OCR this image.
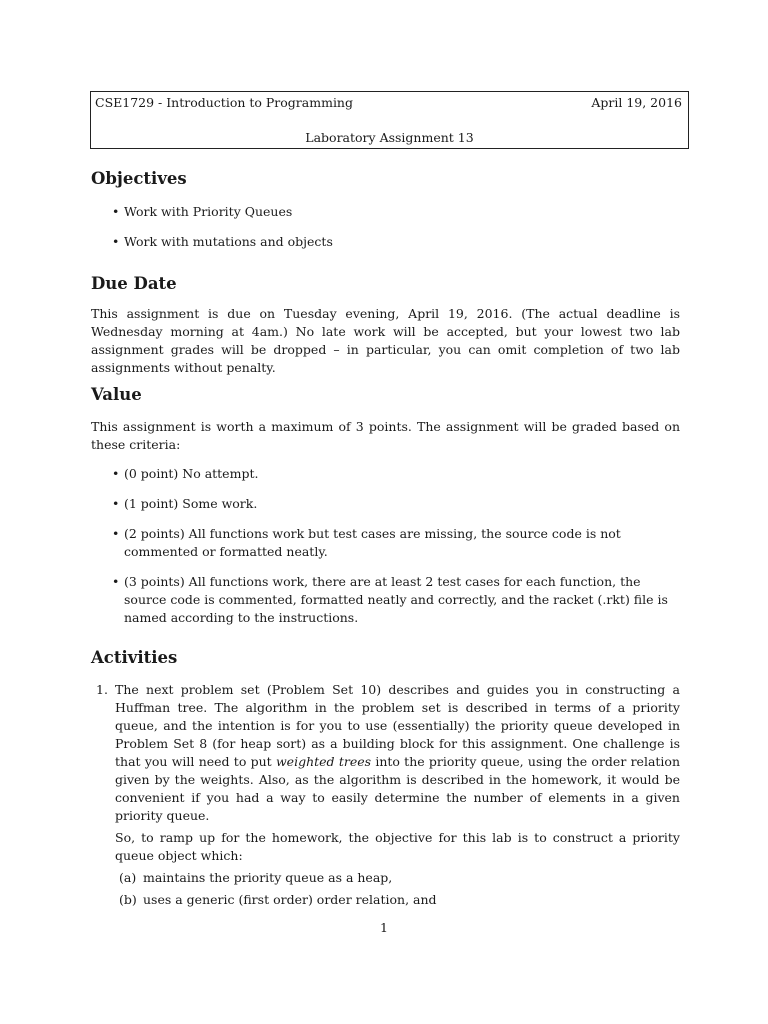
CSE1729 - Introduction to Programming	April 19, 2016
Laboratory Assignment 13
Objectives
• Work with Priority Queues
• Work with mutations and objects
Due Date

This assignment is due on Tuesday evening, April 19, 2016. (The actual deadline is Wednesday morning at 4am.) No late work will be accepted, but your lowest two lab assignment grades will be dropped – in particular, you can omit completion of two lab assignments without penalty.

Value

This assignment is worth a maximum of 3 points. The assignment will be graded based on these criteria:

• (0 point) No attempt.
• (1 point) Some work.
• (2 points) All functions work but test cases are missing, the source code is not commented or formatted neatly.
• (3 points) All functions work, there are at least 2 test cases for each function, the source code is commented, formatted neatly and correctly, and the racket (.rkt) file is named according to the instructions.
Activities
1. The next problem set (Problem Set 10) describes and guides you in constructing a Huffman tree. The algorithm in the problem set is described in terms of a priority queue, and the intention is for you to use (essentially) the priority queue developed in Problem Set 8 (for heap sort) as a building block for this assignment. One challenge is that you will need to put weighted trees into the priority queue, using the order relation given by the weights. Also, as the algorithm is described in the homework, it would be convenient if you had a way to easily determine the number of elements in a given priority queue.

So, to ramp up for the homework, the objective for this lab is to construct a priority queue object which:

(a) maintains the priority queue as a heap,
(b) uses a generic (first order) order relation, and
1
